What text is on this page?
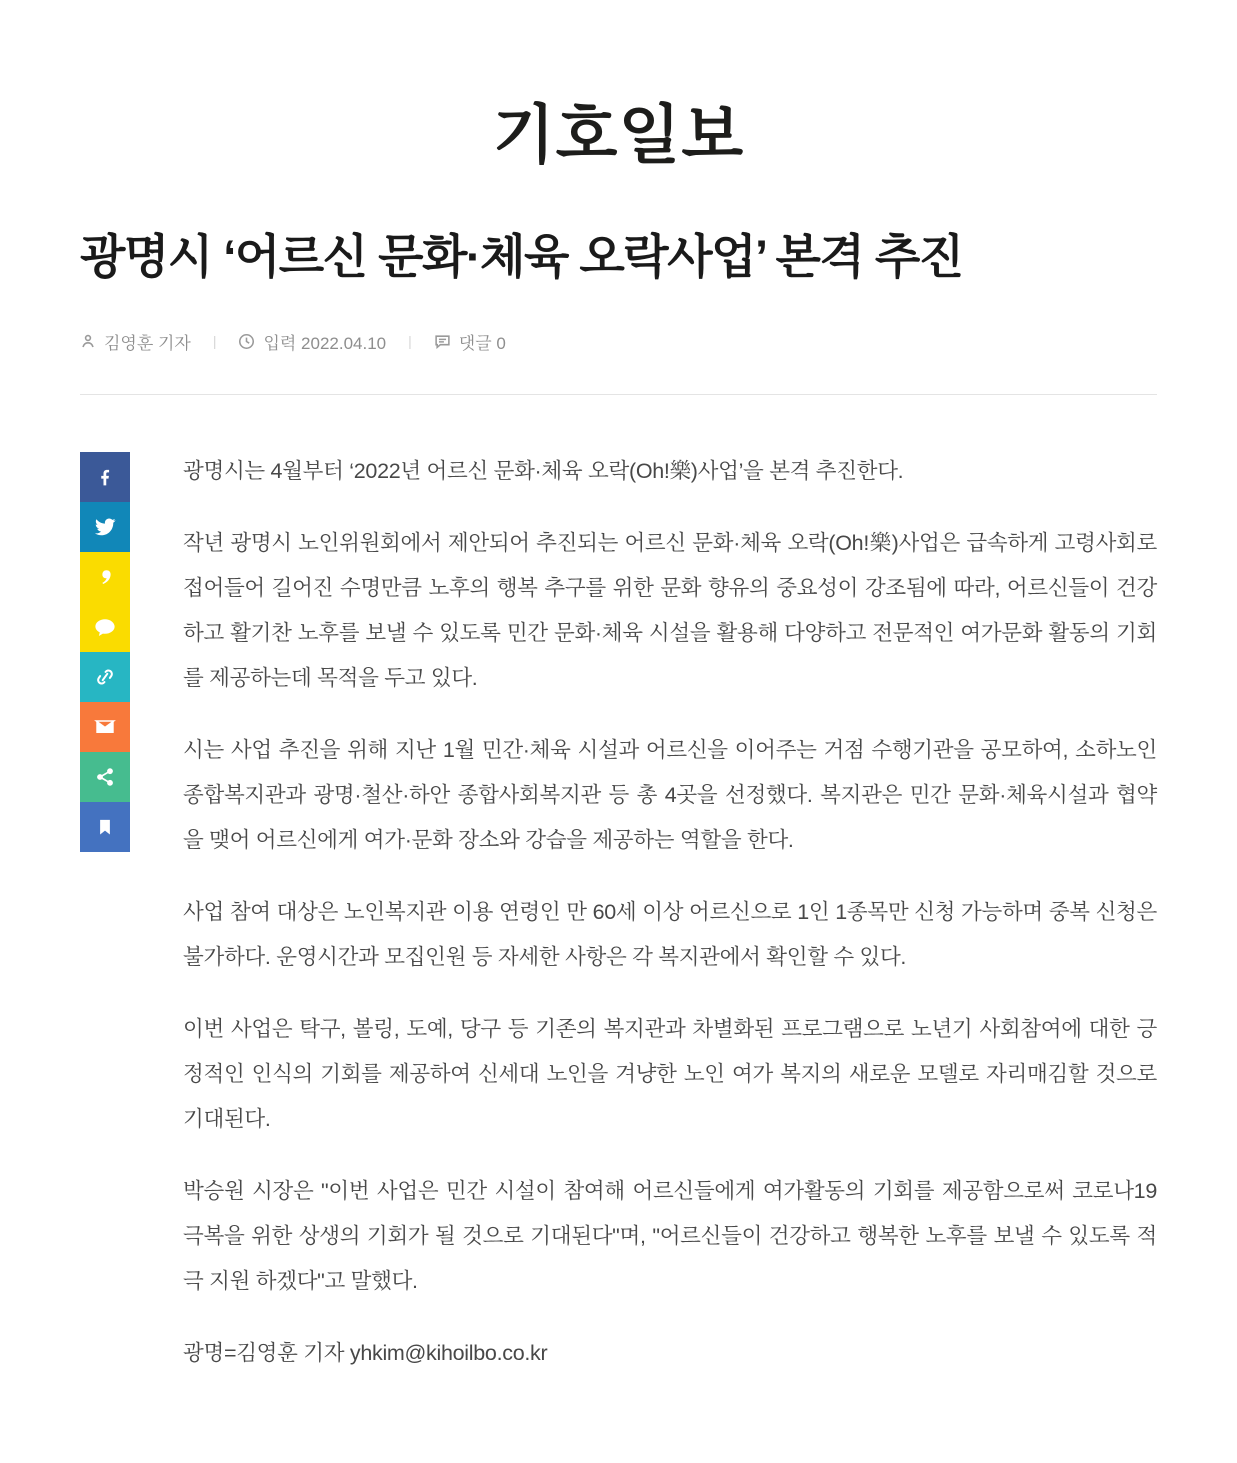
기호일보
광명시 ‘어르신 문화·체육 오락사업’ 본격 추진
김영훈 기자 |	입력 2022.04.10 |	댓글 0

광명시는 4월부터 ‘2022년 어르신 문화·체육 오락(Oh!樂)사업’을 본격 추진한다.

작년 광명시 노인위원회에서 제안되어 추진되는 어르신 문화·체육 오락(Oh!樂)사업은 급속하게 고령사회로 접어들어 길어진 수명만큼 노후의 행복 추구를 위한 문화 향유의 중요성이 강조됨에 따라, 어르신들이 건강하고 활기찬 노후를 보낼 수 있도록 민간 문화·체육 시설을 활용해 다양하고 전문적인 여가문화 활동의 기회를 제공하는데 목적을 두고 있다.

시는 사업 추진을 위해 지난 1월 민간·체육 시설과 어르신을 이어주는 거점 수행기관을 공모하여, 소하노인종합복지관과 광명·철산·하안 종합사회복지관 등 총 4곳을 선정했다. 복지관은 민간 문화·체육시설과 협약을 맺어 어르신에게 여가·문화 장소와 강습을 제공하는 역할을 한다.

사업 참여 대상은 노인복지관 이용 연령인 만 60세 이상 어르신으로 1인 1종목만 신청 가능하며 중복 신청은 불가하다. 운영시간과 모집인원 등 자세한 사항은 각 복지관에서 확인할 수 있다.

이번 사업은 탁구, 볼링, 도예, 당구 등 기존의 복지관과 차별화된 프로그램으로 노년기 사회참여에 대한 긍정적인 인식의 기회를 제공하여 신세대 노인을 겨냥한 노인 여가 복지의 새로운 모델로 자리매김할 것으로 기대된다.

박승원 시장은 "이번 사업은 민간 시설이 참여해 어르신들에게 여가활동의 기회를 제공함으로써 코로나19 극복을 위한 상생의 기회가 될 것으로 기대된다"며, "어르신들이 건강하고 행복한 노후를 보낼 수 있도록 적극 지원 하겠다"고 말했다.

광명=김영훈 기자 yhkim@kihoilbo.co.kr
